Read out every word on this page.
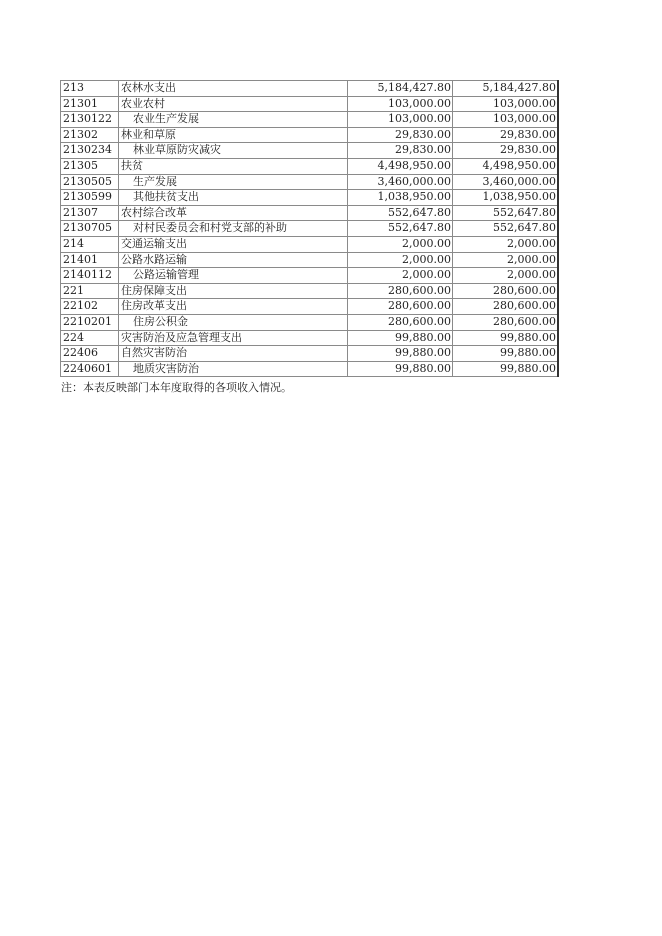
213	农林水支出	5,184,427.80	5,184,427.80
21301	农业农村	103,000.00	103,000.00
2130122	农业生产发展	103,000.00	103,000.00
21302	林业和草原	29,830.00	29,830.00
2130234	林业草原防灾减灾	29,830.00	29,830.00
21305	扶贫	4,498,950.00	4,498,950.00
2130505	生产发展	3,460,000.00	3,460,000.00
2130599	其他扶贫支出	1,038,950.00	1,038,950.00
21307	农村综合改革	552,647.80	552,647.80
2130705	对村民委员会和村党支部的补助	552,647.80	552,647.80
214	交通运输支出	2,000.00	2,000.00
21401	公路水路运输	2,000.00	2,000.00
2140112	公路运输管理	2,000.00	2,000.00
221	住房保障支出	280,600.00	280,600.00
22102	住房改革支出	280,600.00	280,600.00
2210201	住房公积金	280,600.00	280,600.00
224	灾害防治及应急管理支出	99,880.00	99,880.00
22406	自然灾害防治	99,880.00	99,880.00
2240601	地质灾害防治	99,880.00	99,880.00
注：本表反映部门本年度取得的各项收入情况。
